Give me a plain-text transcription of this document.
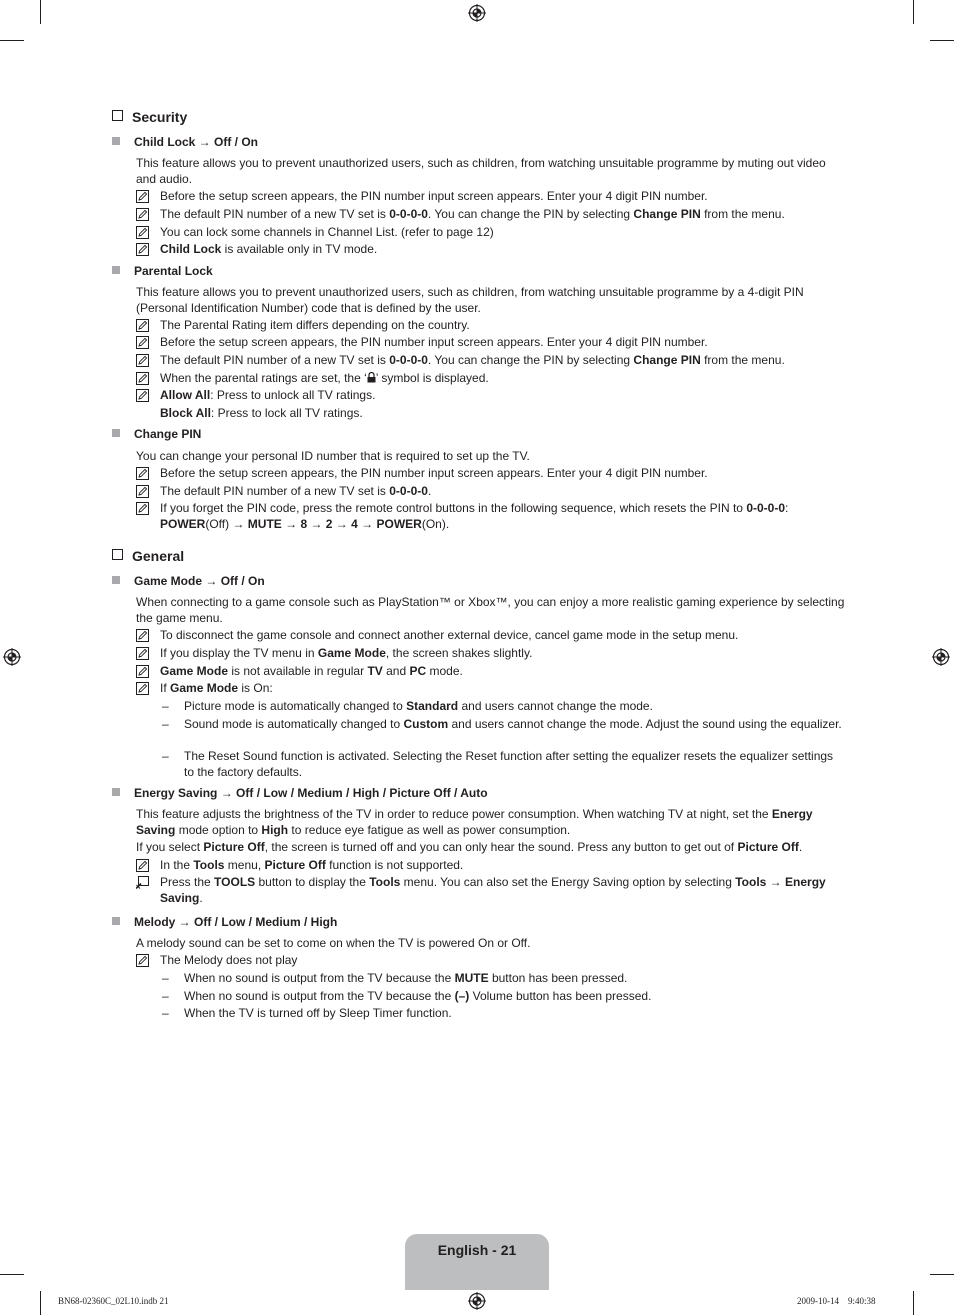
Security
Child Lock → Off / On
This feature allows you to prevent unauthorized users, such as children, from watching unsuitable programme by muting out video and audio.
Before the setup screen appears, the PIN number input screen appears. Enter your 4 digit PIN number.
The default PIN number of a new TV set is 0-0-0-0. You can change the PIN by selecting Change PIN from the menu.
You can lock some channels in Channel List. (refer to page 12)
Child Lock is available only in TV mode.
Parental Lock
This feature allows you to prevent unauthorized users, such as children, from watching unsuitable programme by a 4-digit PIN (Personal Identification Number) code that is defined by the user.
The Parental Rating item differs depending on the country.
Before the setup screen appears, the PIN number input screen appears. Enter your 4 digit PIN number.
The default PIN number of a new TV set is 0-0-0-0. You can change the PIN by selecting Change PIN from the menu.
When the parental ratings are set, the ‘ ’ symbol is displayed.
Allow All: Press to unlock all TV ratings.
Block All: Press to lock all TV ratings.
Change PIN
You can change your personal ID number that is required to set up the TV.
Before the setup screen appears, the PIN number input screen appears. Enter your 4 digit PIN number.
The default PIN number of a new TV set is 0-0-0-0.
If you forget the PIN code, press the remote control buttons in the following sequence, which resets the PIN to 0-0-0-0:
POWER(Off) → MUTE → 8 → 2 → 4 → POWER(On).
General
Game Mode → Off / On
When connecting to a game console such as PlayStation™ or Xbox™, you can enjoy a more realistic gaming experience by selecting the game menu.
To disconnect the game console and connect another external device, cancel game mode in the setup menu.
If you display the TV menu in Game Mode, the screen shakes slightly.
Game Mode is not available in regular TV and PC mode.
If Game Mode is On:
– Picture mode is automatically changed to Standard and users cannot change the mode.
– Sound mode is automatically changed to Custom and users cannot change the mode. Adjust the sound using the equalizer.
– The Reset Sound function is activated. Selecting the Reset function after setting the equalizer resets the equalizer settings to the factory defaults.
Energy Saving → Off / Low / Medium / High / Picture Off / Auto
This feature adjusts the brightness of the TV in order to reduce power consumption. When watching TV at night, set the Energy Saving mode option to High to reduce eye fatigue as well as power consumption.
If you select Picture Off, the screen is turned off and you can only hear the sound. Press any button to get out of Picture Off.
In the Tools menu, Picture Off function is not supported.
Press the TOOLS button to display the Tools menu. You can also set the Energy Saving option by selecting Tools → Energy Saving.
Melody → Off / Low / Medium / High
A melody sound can be set to come on when the TV is powered On or Off.
The Melody does not play
– When no sound is output from the TV because the MUTE button has been pressed.
– When no sound is output from the TV because the (–) Volume button has been pressed.
– When the TV is turned off by Sleep Timer function.
English - 21
BN68-02360C_02L10.indb 21	2009-10-14    9:40:38
